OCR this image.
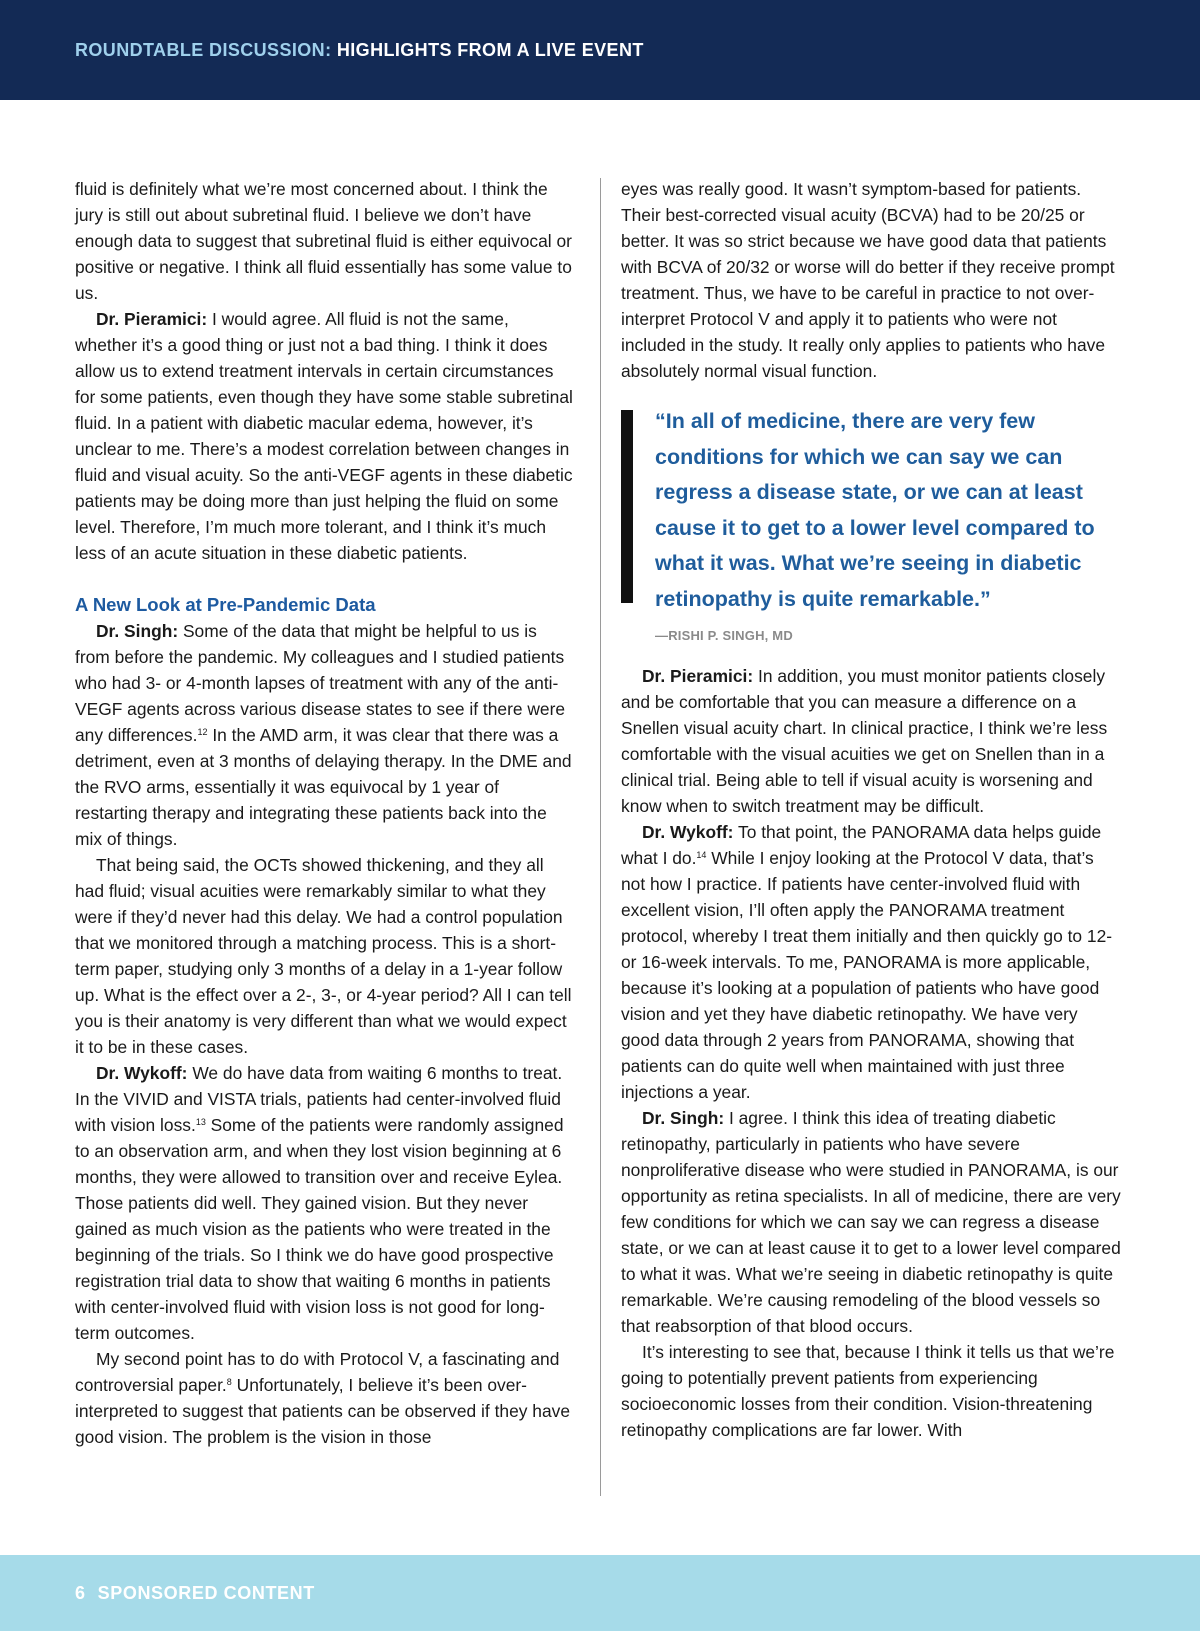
ROUNDTABLE DISCUSSION: HIGHLIGHTS FROM A LIVE EVENT

fluid is definitely what we’re most concerned about. I think the jury is still out about subretinal fluid. I believe we don’t have enough data to suggest that subretinal fluid is either equivocal or positive or negative. I think all fluid essentially has some value to us.

Dr. Pieramici: I would agree. All fluid is not the same, whether it’s a good thing or just not a bad thing. I think it does allow us to extend treatment intervals in certain circumstances for some patients, even though they have some stable subretinal fluid. In a patient with diabetic macular edema, however, it’s unclear to me. There’s a modest correlation between changes in fluid and visual acuity. So the anti-VEGF agents in these diabetic patients may be doing more than just helping the fluid on some level. Therefore, I’m much more tolerant, and I think it’s much less of an acute situation in these diabetic patients.

A New Look at Pre-Pandemic Data

Dr. Singh: Some of the data that might be helpful to us is from before the pandemic. My colleagues and I studied patients who had 3- or 4-month lapses of treatment with any of the anti-VEGF agents across various disease states to see if there were any differences.$^{12}$ In the AMD arm, it was clear that there was a detriment, even at 3 months of delaying therapy. In the DME and the RVO arms, essentially it was equivocal by 1 year of restarting therapy and integrating these patients back into the mix of things.

That being said, the OCTs showed thickening, and they all had fluid; visual acuities were remarkably similar to what they were if they’d never had this delay. We had a control population that we monitored through a matching process. This is a short-term paper, studying only 3 months of a delay in a 1-year follow up. What is the effect over a 2-, 3-, or 4-year period? All I can tell you is their anatomy is very different than what we would expect it to be in these cases.

Dr. Wykoff: We do have data from waiting 6 months to treat. In the VIVID and VISTA trials, patients had center-involved fluid with vision loss.$^{13}$ Some of the patients were randomly assigned to an observation arm, and when they lost vision beginning at 6 months, they were allowed to transition over and receive Eylea. Those patients did well. They gained vision. But they never gained as much vision as the patients who were treated in the beginning of the trials. So I think we do have good prospective registration trial data to show that waiting 6 months in patients with center-involved fluid with vision loss is not good for long-term outcomes.

My second point has to do with Protocol V, a fascinating and controversial paper.$^8$ Unfortunately, I believe it’s been over-interpreted to suggest that patients can be observed if they have good vision. The problem is the vision in those

eyes was really good. It wasn’t symptom-based for patients. Their best-corrected visual acuity (BCVA) had to be 20/25 or better. It was so strict because we have good data that patients with BCVA of 20/32 or worse will do better if they receive prompt treatment. Thus, we have to be careful in practice to not over-interpret Protocol V and apply it to patients who were not included in the study. It really only applies to patients who have absolutely normal visual function.

“In all of medicine, there are very few conditions for which we can say we can regress a disease state, or we can at least cause it to get to a lower level compared to what it was. What we’re seeing in diabetic retinopathy is quite remarkable.”
—RISHI P. SINGH, MD

Dr. Pieramici: In addition, you must monitor patients closely and be comfortable that you can measure a difference on a Snellen visual acuity chart. In clinical practice, I think we’re less comfortable with the visual acuities we get on Snellen than in a clinical trial. Being able to tell if visual acuity is worsening and know when to switch treatment may be difficult.

Dr. Wykoff: To that point, the PANORAMA data helps guide what I do.$^{14}$ While I enjoy looking at the Protocol V data, that’s not how I practice. If patients have center-involved fluid with excellent vision, I’ll often apply the PANORAMA treatment protocol, whereby I treat them initially and then quickly go to 12- or 16-week intervals. To me, PANORAMA is more applicable, because it’s looking at a population of patients who have good vision and yet they have diabetic retinopathy. We have very good data through 2 years from PANORAMA, showing that patients can do quite well when maintained with just three injections a year.

Dr. Singh: I agree. I think this idea of treating diabetic retinopathy, particularly in patients who have severe nonproliferative disease who were studied in PANORAMA, is our opportunity as retina specialists. In all of medicine, there are very few conditions for which we can say we can regress a disease state, or we can at least cause it to get to a lower level compared to what it was. What we’re seeing in diabetic retinopathy is quite remarkable. We’re causing remodeling of the blood vessels so that reabsorption of that blood occurs.

It’s interesting to see that, because I think it tells us that we’re going to potentially prevent patients from experiencing socioeconomic losses from their condition. Vision-threatening retinopathy complications are far lower. With

6 SPONSORED CONTENT
